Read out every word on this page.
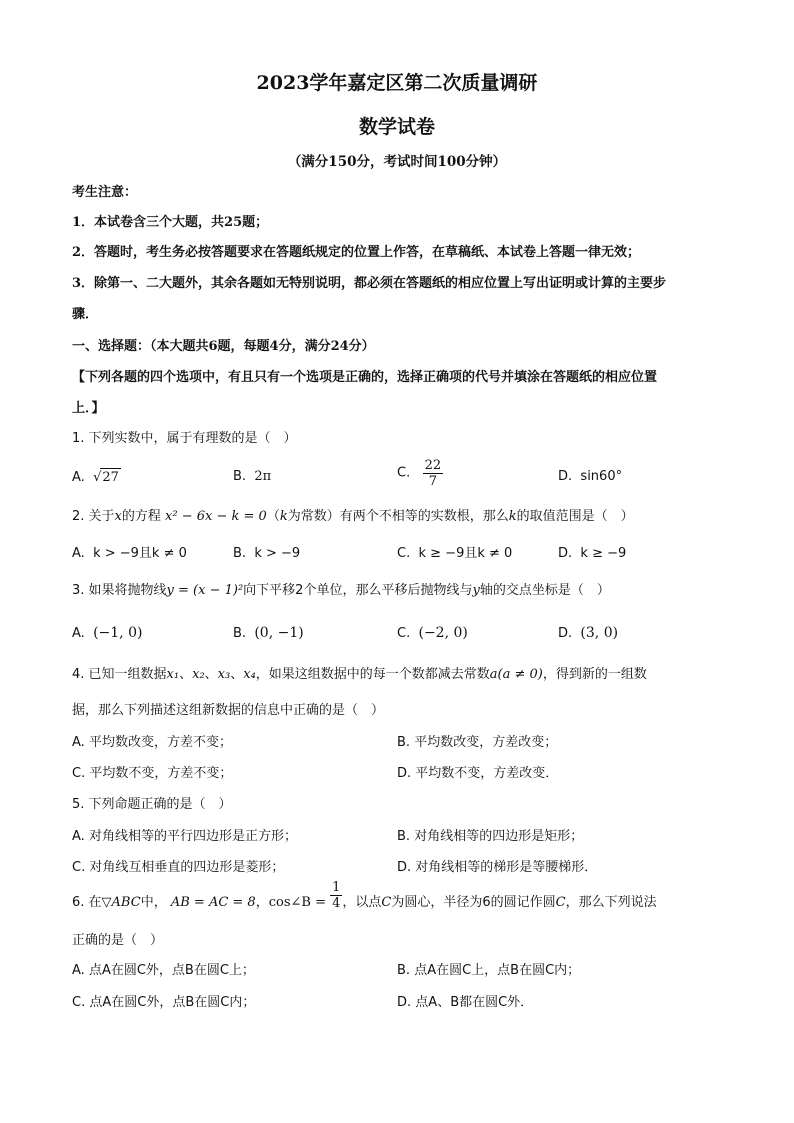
2023学年嘉定区第二次质量调研
数学试卷
（满分150分，考试时间100分钟）
考生注意：
1．本试卷含三个大题，共25题；
2．答题时，考生务必按答题要求在答题纸规定的位置上作答，在草稿纸、本试卷上答题一律无效；
3．除第一、二大题外，其余各题如无特别说明，都必须在答题纸的相应位置上写出证明或计算的主要步
骤．
一、选择题：（本大题共6题，每题4分，满分24分）
【下列各题的四个选项中，有且只有一个选项是正确的，选择正确项的代号并填涂在答题纸的相应位置
上．】
1. 下列实数中，属于有理数的是（　）
A.  √27	B. 2π	C. $\frac{22}{7}$	D. sin60°
2. 关于x的方程 x² − 6x − k = 0（k为常数）有两个不相等的实数根，那么k的取值范围是（　）
A. k > −9且k ≠ 0	B. k > −9	C. k ≥ −9且k ≠ 0	D. k ≥ −9
3. 如果将抛物线y = (x − 1)²向下平移2个单位，那么平移后抛物线与y轴的交点坐标是（　）
A. (−1, 0)	B. (0, −1)	C. (−2, 0)	D. (3, 0)
4. 已知一组数据x₁、x₂、x₃、x₄，如果这组数据中的每一个数都减去常数a(a ≠ 0)，得到新的一组数
据，那么下列描述这组新数据的信息中正确的是（　）
A. 平均数改变，方差不变；	B. 平均数改变，方差改变；
C. 平均数不变，方差不变；	D. 平均数不变，方差改变．
5. 下列命题正确的是（　）
A. 对角线相等的平行四边形是正方形；	B. 对角线相等的四边形是矩形；
C. 对角线互相垂直的四边形是菱形；	D. 对角线相等的梯形是等腰梯形．
6. 在▽ABC中， AB = AC = 8，cos∠B = $\frac{1}{4}$ ，以点C为圆心，半径为6的圆记作圆C，那么下列说法
正确的是（　）
A. 点A在圆C外，点B在圆C上；	B. 点A在圆C上，点B在圆C内；
C. 点A在圆C外，点B在圆C内；	D. 点A、B都在圆C外．
